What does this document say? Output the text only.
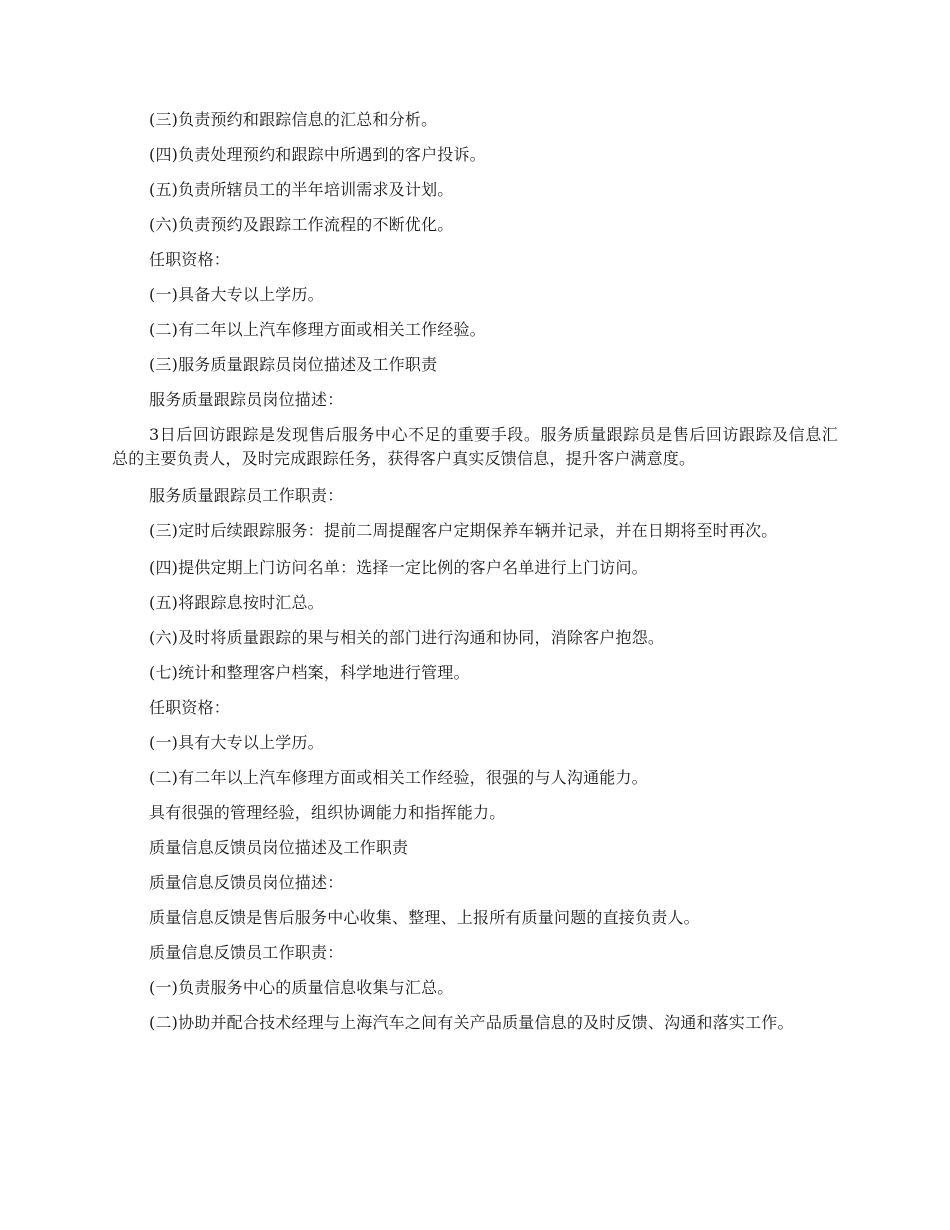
(三)负责预约和跟踪信息的汇总和分析。

(四)负责处理预约和跟踪中所遇到的客户投诉。

(五)负责所辖员工的半年培训需求及计划。

(六)负责预约及跟踪工作流程的不断优化。

任职资格：

(一)具备大专以上学历。

(二)有二年以上汽车修理方面或相关工作经验。

(三)服务质量跟踪员岗位描述及工作职责

服务质量跟踪员岗位描述：

3日后回访跟踪是发现售后服务中心不足的重要手段。服务质量跟踪员是售后回访跟踪及信息汇总的主要负责人，及时完成跟踪任务，获得客户真实反馈信息，提升客户满意度。

服务质量跟踪员工作职责：

(三)定时后续跟踪服务：提前二周提醒客户定期保养车辆并记录，并在日期将至时再次。

(四)提供定期上门访问名单：选择一定比例的客户名单进行上门访问。

(五)将跟踪息按时汇总。

(六)及时将质量跟踪的果与相关的部门进行沟通和协同，消除客户抱怨。

(七)统计和整理客户档案，科学地进行管理。

任职资格：

(一)具有大专以上学历。

(二)有二年以上汽车修理方面或相关工作经验，很强的与人沟通能力。

具有很强的管理经验，组织协调能力和指挥能力。

质量信息反馈员岗位描述及工作职责

质量信息反馈员岗位描述：

质量信息反馈是售后服务中心收集、整理、上报所有质量问题的直接负责人。

质量信息反馈员工作职责：

(一)负责服务中心的质量信息收集与汇总。

(二)协助并配合技术经理与上海汽车之间有关产品质量信息的及时反馈、沟通和落实工作。
